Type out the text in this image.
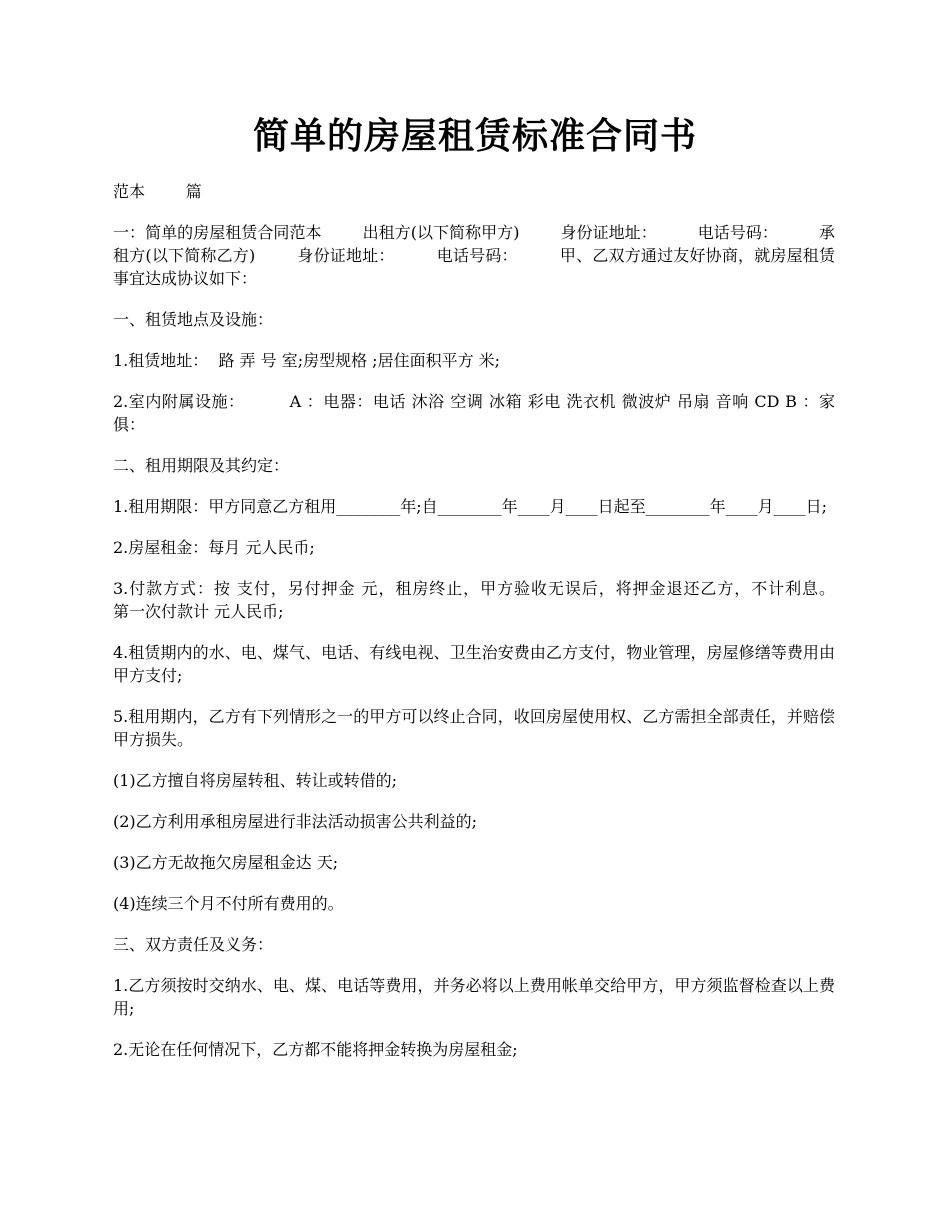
简单的房屋租赁标准合同书

范本        篇

一：简单的房屋租赁合同范本        出租方(以下简称甲方)        身份证地址：        电话号码：        承租方(以下简称乙方)        身份证地址：        电话号码：        甲、乙双方通过友好协商，就房屋租赁事宜达成协议如下：

一、租赁地点及设施：

1.租赁地址：  路 弄 号 室;房型规格 ;居住面积平方 米;

2.室内附属设施：        A ：电器：电话 沐浴 空调 冰箱 彩电 洗衣机 微波炉 吊扇 音响 CD B ：家俱：

二、租用期限及其约定：

1.租用期限：甲方同意乙方租用________年;自________年____月____日起至________年____月____日;

2.房屋租金：每月 元人民币;

3.付款方式：按 支付，另付押金 元，租房终止，甲方验收无误后，将押金退还乙方，不计利息。        第一次付款计 元人民币;

4.租赁期内的水、电、煤气、电话、有线电视、卫生治安费由乙方支付，物业管理，房屋修缮等费用由甲方支付;

5.租用期内，乙方有下列情形之一的甲方可以终止合同，收回房屋使用权、乙方需担全部责任，并赔偿甲方损失。

(1)乙方擅自将房屋转租、转让或转借的;

(2)乙方利用承租房屋进行非法活动损害公共利益的;

(3)乙方无故拖欠房屋租金达 天;

(4)连续三个月不付所有费用的。

三、双方责任及义务：

1.乙方须按时交纳水、电、煤、电话等费用，并务必将以上费用帐单交给甲方，甲方须监督检查以上费用;

2.无论在任何情况下，乙方都不能将押金转换为房屋租金;
